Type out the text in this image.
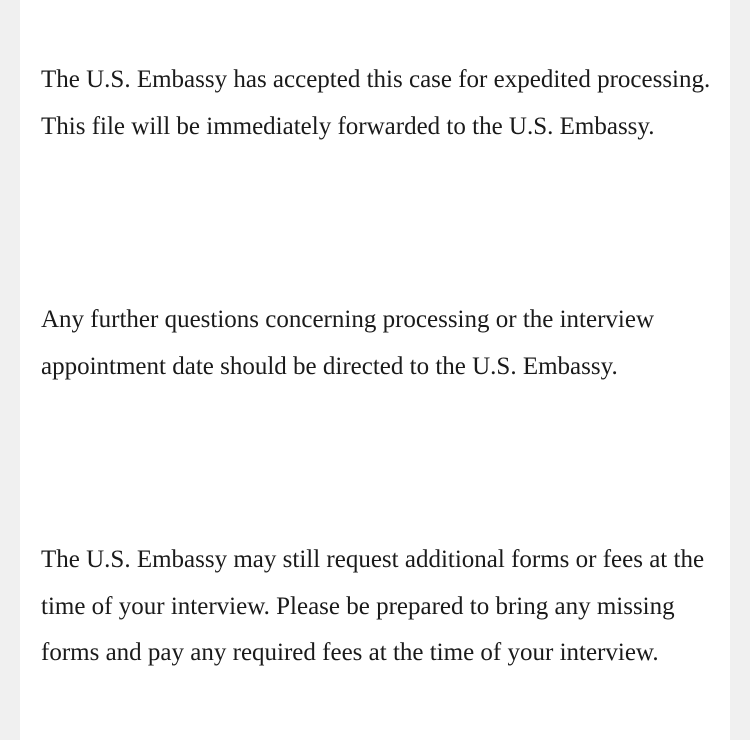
The U.S. Embassy has accepted this case for expedited processing. This file will be immediately forwarded to the U.S. Embassy.

Any further questions concerning processing or the interview appointment date should be directed to the U.S. Embassy.

The U.S. Embassy may still request additional forms or fees at the time of your interview. Please be prepared to bring any missing forms and pay any required fees at the time of your interview.
